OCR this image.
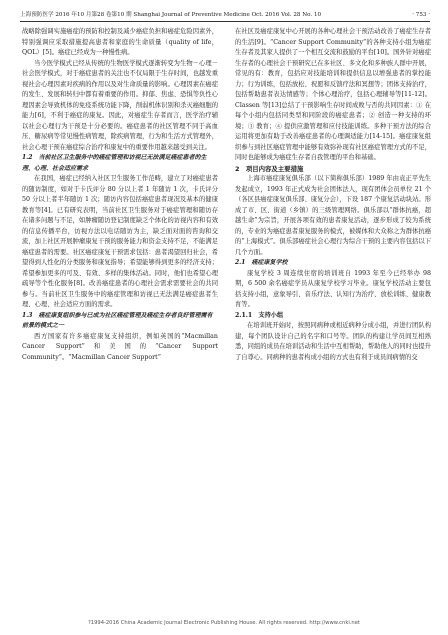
上海预防医学 2016 年10 月第28 卷第10 期 Shanghai Journal of Preventive Medicine Oct. 2016 Vol. 28 No. 10	· 753 ·

战略除强调实施癌症的预防和控制及减少癌症负担和癌症危险因素外，特别强调应采取措施提高患者和家庭的生命质量（quality of life，QOL）[5]。癌症已经成为一种慢性病。

当今医学模式已经从传统的生物医学模式逐渐转变为生物－心理－社会医学模式，对于癌症患者的关注也不仅局限于生存时间，也越发重视社会心理因素对疾病的作用以及对生命质量的影响。心理因素在癌症的发生、发展和转归中都有着重要的作用。抑郁、焦虑、恐惧等负性心理因素会导致机体的免疫系统功能下降，削弱机体识别和杀灭癌细胞的能力[6]，不利于癌症的康复。因此，对癌症生存者而言，医学治疗辅以社会心理行为干预是十分必要的。癌症患者的社区管理不同于高血压、糖尿病等常见慢性病管理，除疾病管理，行为和生活方式管理外，社会心理干预在癌症综合治疗和康复中的重要作用越来越受到关注。

1.2　当前社区卫生服务中的癌症管理和访视已无法满足癌症患者的生理、心理、社会适应需求

在我国，癌症已经纳入社区卫生服务工作范畴，建立了对癌症患者的随访制度，如对于卡氏评分 80 分以上者 1 年随访 1 次，卡氏评分 50 分以上者半年随访 1 次；随访内容包括癌症患者现况及基本的健康教育等[4]。已有研究表明，当前社区卫生服务对于癌症管理和随访存在诸多问题与不足，如肿瘤随访登记制度缺乏个体化的访视内容和有效的信息传播平台，访视方法以电话随访为主，缺乏面对面的咨询和交流，加上社区开展肿瘤康复干预的服务能力和资金支持不足，不能满足癌症患者的需要。社区癌症康复干预需求包括：患者渴望回归社会，希望得到人性化的分类服务和康复指导；希望能够得到更多的经济支持；希望参加更多的可及、有效、多样的集体活动。同时，他们也希望心理疏导等个性化服务[8]。改善癌症患者的心理社会需求需要社会的共同参与。当前社区卫生服务中的癌症管理和访视已无法满足癌症患者生理、心理、社会适应方面的需求。

1.3　癌症康复组织参与已成为社区癌症管理及癌症生存者良好管理需有前景的模式之一

西方国家有许多癌症康复支持组织，例如英国的“Macmillan Cancer Support”和美国的“Cancer Support Community”。“Macmillan Cancer Support”

在社区及癌症康复中心开展的各种心理社会干预活动改善了癌症生存者的生活[9]。“Cancer Support Community”的各种支持小组为癌症生存者及其家人提供了一个相互交流和鼓励的平台[10]。国外针对癌症生存者的心理社会干预研究已在多社区、多文化和多种族人群中开展，常见的有：教育，包括应对技能培训和提供信息以增强患者的掌控能力；行为训练，包括放松、祝愿和反馈疗法和冥想等；团体支持治疗，包括帮助患者表达情感等；个体心理治疗，包括心理辅导等[11-12]。Classen 等[13]总结了干预影响生存时间成败与否的共同因素：① 在每个小组内包括同类型和同阶段的癌症患者；② 创造一种支持的环境；③ 教育；④ 提供应激管理和应付技能训练。多种干预方法的综合运用将更加有助于改善癌症患者的心理调适能力[14-15]。癌症康复组织参与到社区癌症管理中能够有效弥补现有社区癌症管理方式的不足，同时也能够成为癌症生存者自我管理的平台和基础。

2　项目内容及主要措施

上海市癌症康复俱乐部（以下简称俱乐部）1989 年由袁正平先生发起成立，1993 年正式成为社会团体法人，现有团体会员单位 21 个（各区县癌症康复俱乐部、康复分会），下设 187 个康复活动块站。形成了市、区、街道（乡镇）的三级管理网络。俱乐部以“群体抗癌，超越生命”为宗旨，开展各项有效的患者康复活动，逐步形成了较为系统的，专业的为癌症患者康复服务的模式，被媒体和大众称之为群体抗癌的“上海模式”。俱乐部癌症社会心理行为综合干预的主要内容包括以下几个方面。

2.1　癌症康复学校

康复学校 3 周连续住宿的培训班自 1993 年至今已经举办 98 期，6 500 余名癌症学员从康复学校学习毕业。康复学校活动主要包括支持小组，意象导引、音乐疗法、认知行为治疗、放松训练、健康教育等。

2.1.1　支持小组

在培训班开始时，按照同病种或相近病种分成小组，并进行团队构建，每个团队设计自己的名字和口号等。团队的构建让学员间互相熟悉，同组的成员在培训活动和生活中互相帮助，帮助他人的同时也提升了自尊心。同病种的患者构成小组的方式也有利于成员间病情的交

?1994-2016 China Academic Journal Electronic Publishing House. All rights reserved. http://www.cnki.net
